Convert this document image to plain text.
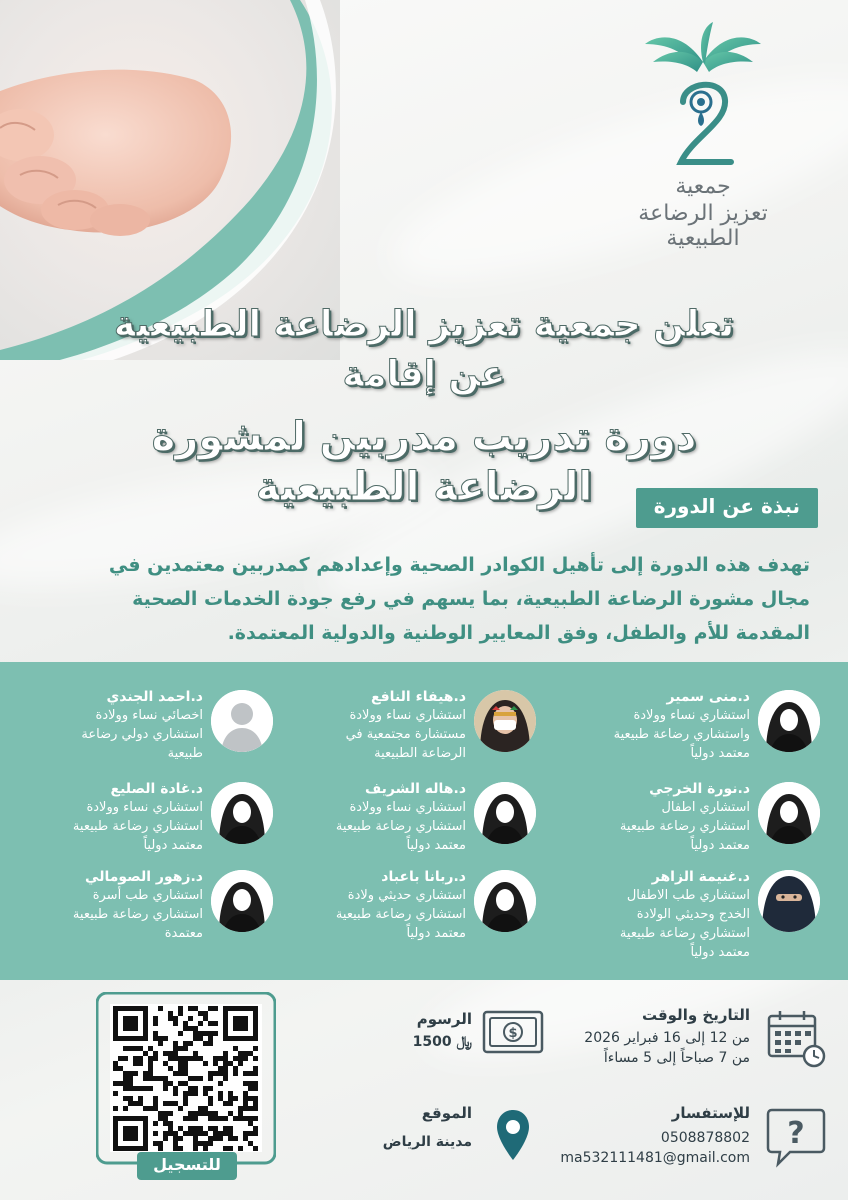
جمعية
تعزيز الرضاعة الطبيعية
تعلن جمعية تعزيز الرضاعة الطبيعية
عن إقامة
دورة تدريب مدربين لمشورة الرضاعة الطبيعية	نبذة عن الدورة
تهدف هذه الدورة إلى تأهيل الكوادر الصحية وإعدادهم كمدربين معتمدين في مجال مشورة الرضاعة الطبيعية، بما يسهم في رفع جودة الخدمات الصحية المقدمة للأم والطفل، وفق المعايير الوطنية والدولية المعتمدة.
د.منى سمير
استشاري نساء وولادة
واستشاري رضاعة طبيعية
معتمد دولياً
د.هيفاء النافع
استشاري نساء وولادة
مستشارة مجتمعية في
الرضاعة الطبيعية
د.احمد الجندي
اخصائي نساء وولادة
استشاري دولي رضاعة
طبيعية
د.نورة الخرجي
استشاري اطفال
استشاري رضاعة طبيعية
معتمد دولياً
د.هاله الشريف
استشاري نساء وولادة
استشاري رضاعة طبيعية
معتمد دولياً
د.غادة الصليع
استشاري نساء وولادة
استشاري رضاعة طبيعية
معتمد دولياً
د.غنيمة الزاهر
استشاري طب الاطفال
الخدج وحديثي الولادة
استشاري رضاعة طبيعية
معتمد دولياً
د.ربانا باعباد
استشاري حديثي ولادة
استشاري رضاعة طبيعية
معتمد دولياً
د.زهور الصومالي
استشاري طب أسرة
استشاري رضاعة طبيعية
معتمدة
التاريخ والوقت
من 12 إلى 16 فبراير 2026
من 7 صباحاً إلى 5 مساءاً
$
الرسوم
﷼ 1500
?
للإستفسار
0508878802
ma532111481@gmail.com
الموقع
مدينة الرياض
للتسجيل
